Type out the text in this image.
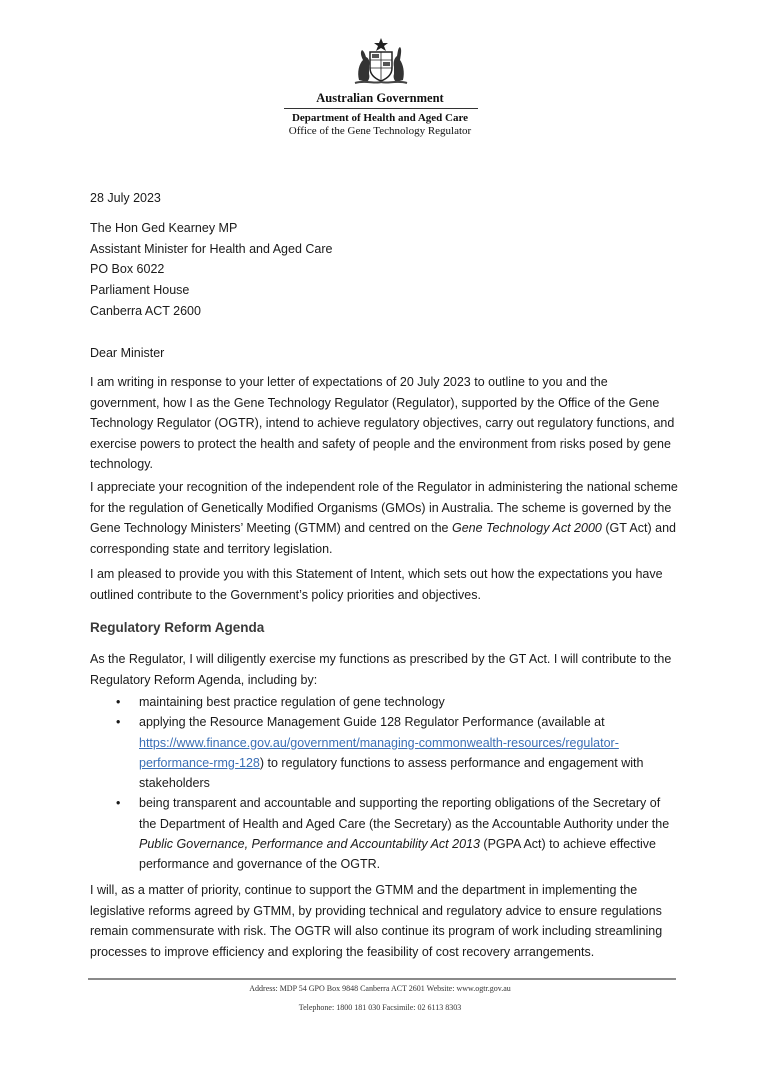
Australian Government
Department of Health and Aged Care
Office of the Gene Technology Regulator

28 July 2023

The Hon Ged Kearney MP
Assistant Minister for Health and Aged Care
PO Box 6022
Parliament House
Canberra ACT 2600

Dear Minister

I am writing in response to your letter of expectations of 20 July 2023 to outline to you and the government, how I as the Gene Technology Regulator (Regulator), supported by the Office of the Gene Technology Regulator (OGTR), intend to achieve regulatory objectives, carry out regulatory functions, and exercise powers to protect the health and safety of people and the environment from risks posed by gene technology.

I appreciate your recognition of the independent role of the Regulator in administering the national scheme for the regulation of Genetically Modified Organisms (GMOs) in Australia. The scheme is governed by the Gene Technology Ministers’ Meeting (GTMM) and centred on the Gene Technology Act 2000 (GT Act) and corresponding state and territory legislation.

I am pleased to provide you with this Statement of Intent, which sets out how the expectations you have outlined contribute to the Government’s policy priorities and objectives.

Regulatory Reform Agenda

As the Regulator, I will diligently exercise my functions as prescribed by the GT Act. I will contribute to the Regulatory Reform Agenda, including by:

• maintaining best practice regulation of gene technology
• applying the Resource Management Guide 128 Regulator Performance (available at https://www.finance.gov.au/government/managing-commonwealth-resources/regulator-performance-rmg-128) to regulatory functions to assess performance and engagement with stakeholders
• being transparent and accountable and supporting the reporting obligations of the Secretary of the Department of Health and Aged Care (the Secretary) as the Accountable Authority under the Public Governance, Performance and Accountability Act 2013 (PGPA Act) to achieve effective performance and governance of the OGTR.

I will, as a matter of priority, continue to support the GTMM and the department in implementing the legislative reforms agreed by GTMM, by providing technical and regulatory advice to ensure regulations remain commensurate with risk. The OGTR will also continue its program of work including streamlining processes to improve efficiency and exploring the feasibility of cost recovery arrangements.

Address: MDP 54 GPO Box 9848 Canberra ACT 2601 Website: www.ogtr.gov.au
Telephone: 1800 181 030 Facsimile: 02 6113 8303
